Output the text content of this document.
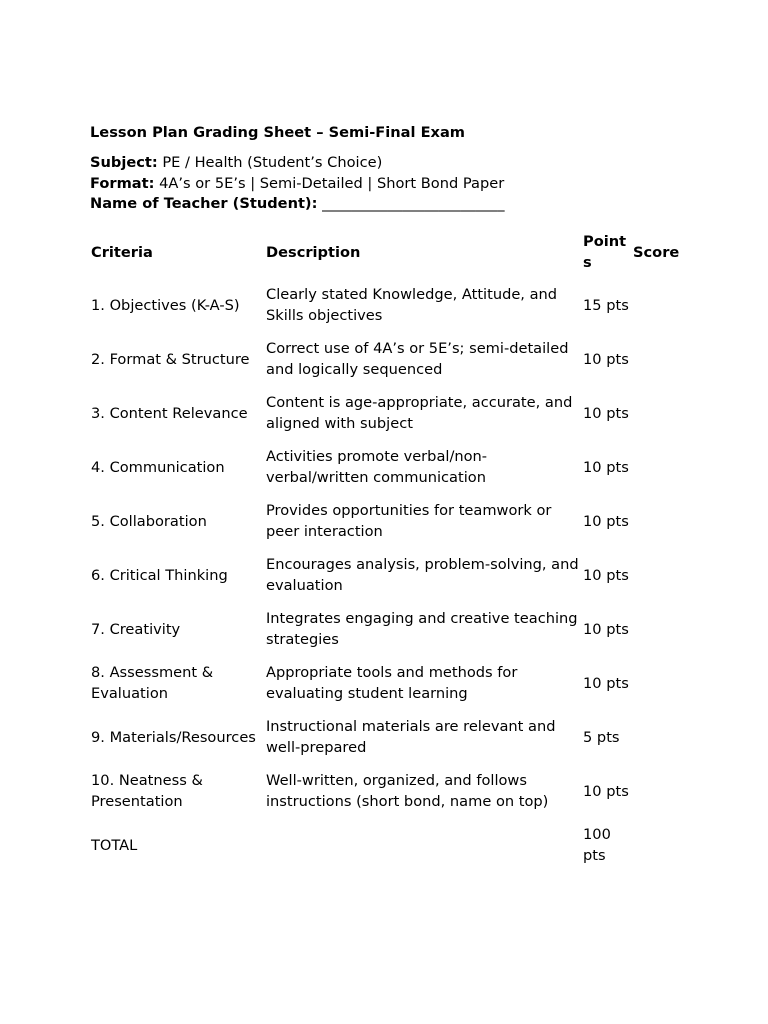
Lesson Plan Grading Sheet – Semi-Final Exam

Subject: PE / Health (Student’s Choice)

Format: 4A’s or 5E’s | Semi-Detailed | Short Bond Paper

Name of Teacher (Student): _________________________

Criteria	Description	Points	Score
1. Objectives (K-A-S)	Clearly stated Knowledge, Attitude, and Skills objectives	15 pts	
2. Format & Structure	Correct use of 4A’s or 5E’s; semi-detailed and logically sequenced	10 pts	
3. Content Relevance	Content is age-appropriate, accurate, and aligned with subject	10 pts	
4. Communication	Activities promote verbal/non-verbal/written communication	10 pts	
5. Collaboration	Provides opportunities for teamwork or peer interaction	10 pts	
6. Critical Thinking	Encourages analysis, problem-solving, and evaluation	10 pts	
7. Creativity	Integrates engaging and creative teaching strategies	10 pts	
8. Assessment & Evaluation	Appropriate tools and methods for evaluating student learning	10 pts	
9. Materials/Resources	Instructional materials are relevant and well-prepared	5 pts	
10. Neatness & Presentation	Well-written, organized, and follows instructions (short bond, name on top)	10 pts	
TOTAL		100 pts	
